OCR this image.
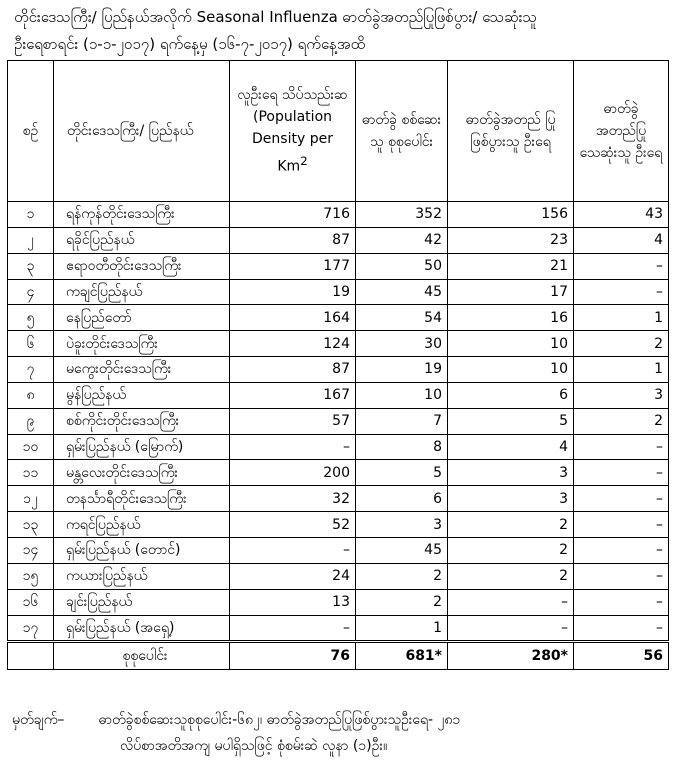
တိုင်းဒေသကြီး/ ပြည်နယ်အလိုက် Seasonal Influenza ဓာတ်ခွဲအတည်ပြုဖြစ်ပွား/ သေဆုံးသူ
ဦးရေစာရင်း (၁-၁-၂၀၁၇) ရက်နေ့မှ (၁၆-၇-၂၀၁၇) ရက်နေ့အထိ
စဉ်	တိုင်းဒေသကြီး/ ပြည်နယ်	လူဦးရေ သိပ်သည်းဆ (Population Density per Km$^2$	ဓာတ်ခွဲ စစ်ဆေးသူ စုစုပေါင်း	ဓာတ်ခွဲအတည် ပြုဖြစ်ပွားသူ ဦးရေ	ဓာတ်ခွဲ အတည်ပြု သေဆုံးသူ ဦးရေ
၁	ရန်ကုန်တိုင်းဒေသကြီး	716	352	156	43
၂	ရခိုင်ပြည်နယ်	87	42	23	4
၃	ဧရာဝတီတိုင်းဒေသကြီး	177	50	21	–
၄	ကချင်ပြည်နယ်	19	45	17	–
၅	နေပြည်တော်	164	54	16	1
၆	ပဲခူးတိုင်းဒေသကြီး	124	30	10	2
၇	မကွေးတိုင်းဒေသကြီး	87	19	10	1
၈	မွန်ပြည်နယ်	167	10	6	3
၉	စစ်ကိုင်းတိုင်းဒေသကြီး	57	7	5	2
၁၀	ရှမ်းပြည်နယ် (မြောက်)	–	8	4	–
၁၁	မန္တလေးတိုင်းဒေသကြီး	200	5	3	–
၁၂	တနင်္သာရီတိုင်းဒေသကြီး	32	6	3	–
၁၃	ကရင်ပြည်နယ်	52	3	2	–
၁၄	ရှမ်းပြည်နယ် (တောင်)	–	45	2	–
၁၅	ကယားပြည်နယ်	24	2	2	–
၁၆	ချင်းပြည်နယ်	13	2	–	–
၁၇	ရှမ်းပြည်နယ် (အရှေ့)	–	1	–	–
	စုစုပေါင်း	76	681*	280*	56
မှတ်ချက်– ဓာတ်ခွဲစစ်ဆေးသူစုစုပေါင်း-၆၈၂၊ ဓာတ်ခွဲအတည်ပြုဖြစ်ပွားသူဦးရေ- ၂၈၁
လိပ်စာအတိအကျ မပါရှိသဖြင့် စုံစမ်းဆဲ လူနာ (၁)ဦး။
